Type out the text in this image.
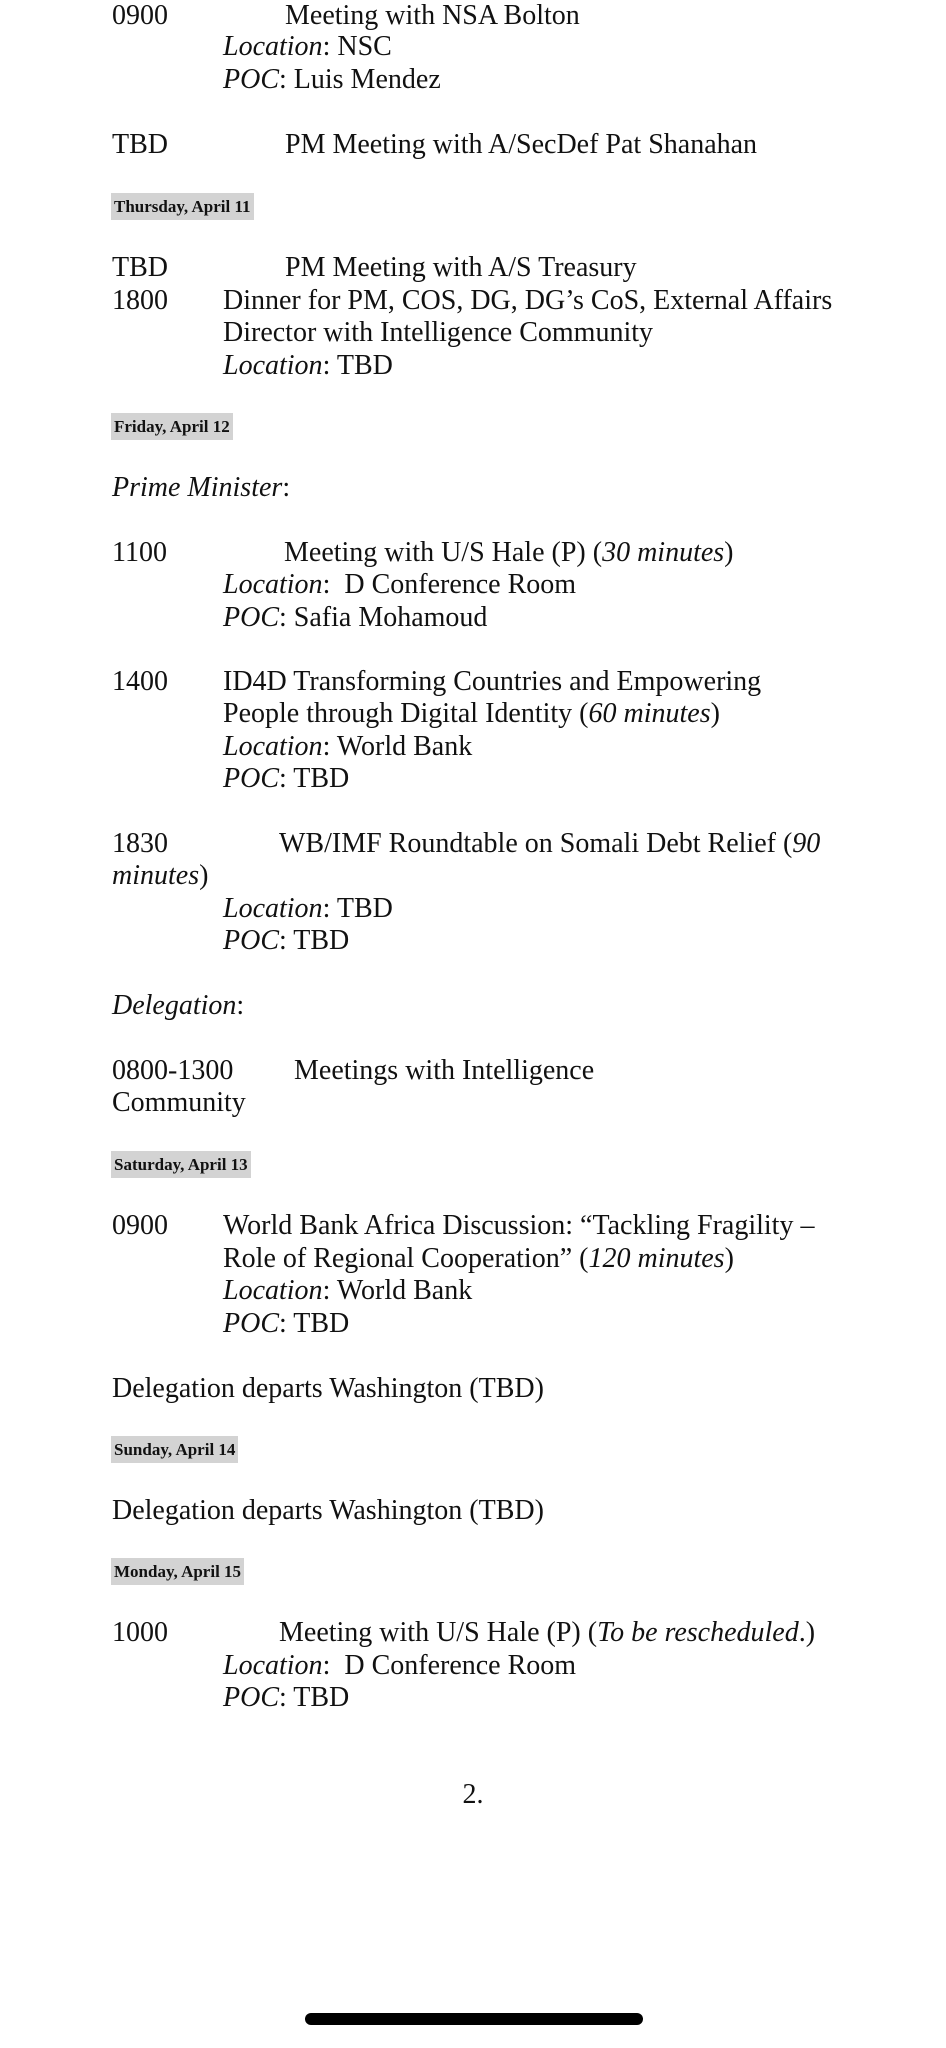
0900	Meeting with NSA Bolton
Location: NSC
POC: Luis Mendez
TBD	PM Meeting with A/SecDef Pat Shanahan
Thursday, April 11
TBD	PM Meeting with A/S Treasury
1800 Dinner for PM, COS, DG, DG’s CoS, External Affairs
Director with Intelligence Community
Location: TBD
Friday, April 12
Prime Minister:
1100	Meeting with U/S Hale (P) (30 minutes)
Location:  D Conference Room
POC: Safia Mohamoud
1400 ID4D Transforming Countries and Empowering
People through Digital Identity (60 minutes)
Location: World Bank
POC: TBD
1830	WB/IMF Roundtable on Somali Debt Relief (90
minutes)
Location: TBD
POC: TBD
Delegation:
0800-1300 Meetings with Intelligence
Community
Saturday, April 13
0900 World Bank Africa Discussion: “Tackling Fragility –
Role of Regional Cooperation” (120 minutes)
Location: World Bank
POC: TBD
Delegation departs Washington (TBD)
Sunday, April 14
Delegation departs Washington (TBD)
Monday, April 15
1000	Meeting with U/S Hale (P) (To be rescheduled.)
Location:  D Conference Room
POC: TBD
2.
